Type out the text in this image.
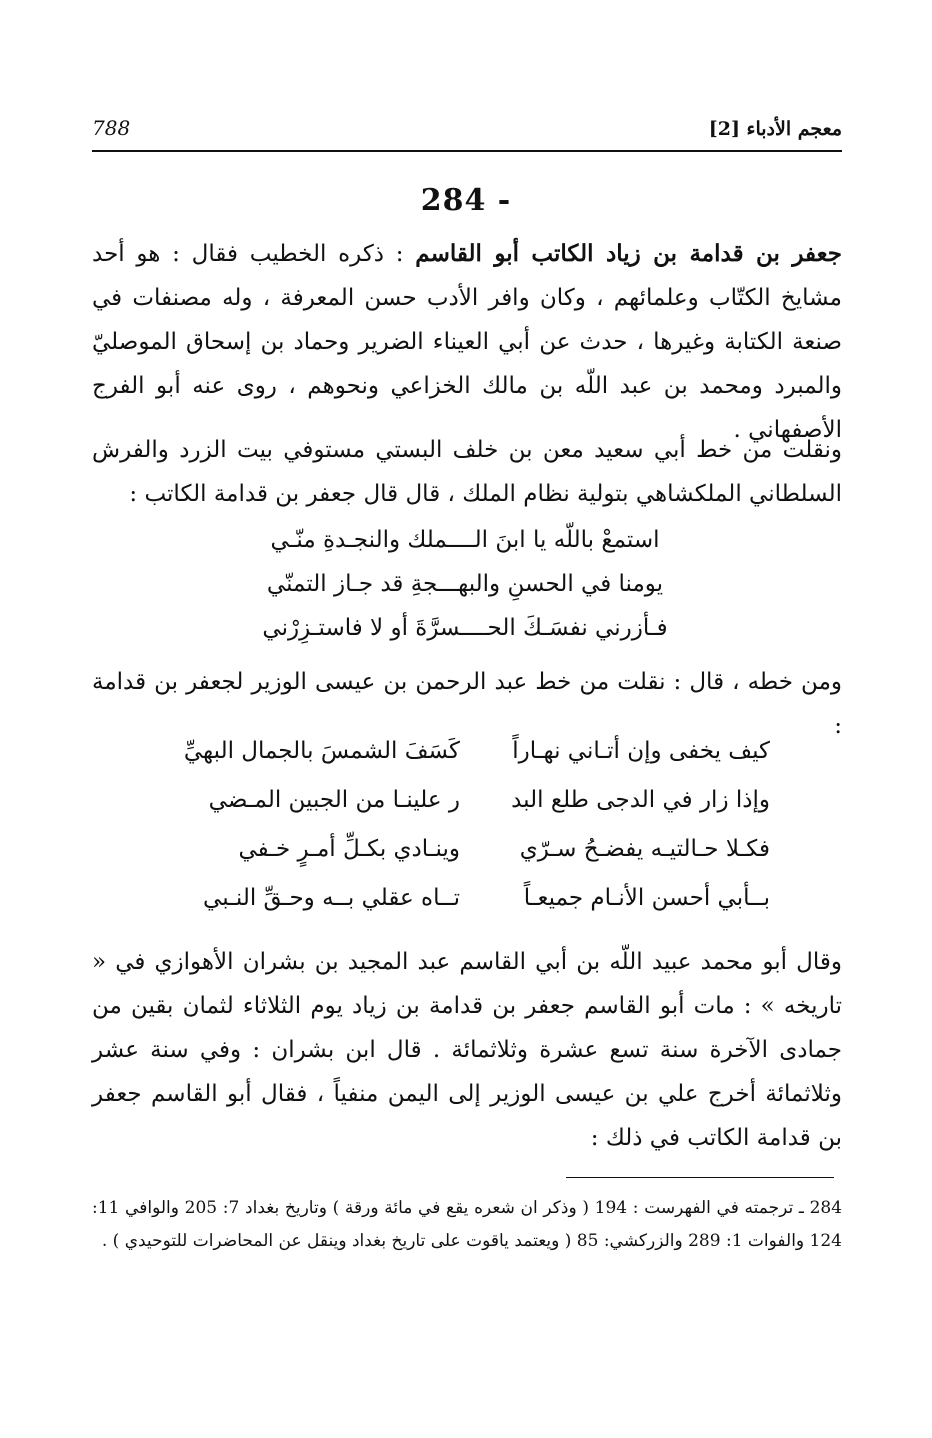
معجم الأدباء [2]
788
284 -
جعفر بن قدامة بن زياد الكاتب أبو القاسم : ذكره الخطيب فقال : هو أحد مشايخ الكتّاب وعلمائهم ، وكان وافر الأدب حسن المعرفة ، وله مصنفات في صنعة الكتابة وغيرها ، حدث عن أبي العيناء الضرير وحماد بن إسحاق الموصليّ والمبرد ومحمد بن عبد اللّه بن مالك الخزاعي ونحوهم ، روى عنه أبو الفرج الأصفهاني .
ونقلت من خط أبي سعيد معن بن خلف البستي مستوفي بيت الزرد والفرش السلطاني الملكشاهي بتولية نظام الملك ، قال قال جعفر بن قدامة الكاتب :
استمعْ باللّه يا ابنَ الــــملك والنجـدةِ منّـي
يومنا في الحسنِ والبهـــجةِ قد جـاز التمنّي
فـأزرني نفسَـكَ الحــــسرَّةَ أو لا فاستـزِرْني
ومن خطه ، قال : نقلت من خط عبد الرحمن بن عيسى الوزير لجعفر بن قدامة :
كيف يخفى وإن أتـاني نهـاراً
كَسَفَ الشمسَ بالجمال البهيِّ
وإذا زار في الدجى طلع البد
ر علينـا من الجبين المـضي
فكـلا حـالتيـه يفضـحُ سـرّي
وينـادي بكـلِّ أمـرٍ خـفي
بــأبي أحسن الأنـام جميعـاً
تــاه عقلي بــه وحـقِّ النـبي
وقال أبو محمد عبيد اللّه بن أبي القاسم عبد المجيد بن بشران الأهوازي في « تاريخه » : مات أبو القاسم جعفر بن قدامة بن زياد يوم الثلاثاء لثمان بقين من جمادى الآخرة سنة تسع عشرة وثلاثمائة . قال ابن بشران : وفي سنة عشر وثلاثمائة أخرج علي بن عيسى الوزير إلى اليمن منفياً ، فقال أبو القاسم جعفر بن قدامة الكاتب في ذلك :
284 ـ ترجمته في الفهرست : 194 ( وذكر ان شعره يقع في مائة ورقة ) وتاريخ بغداد 7: 205 والوافي 11: 124 والفوات 1: 289 والزركشي: 85 ( ويعتمد ياقوت على تاريخ بغداد وينقل عن المحاضرات للتوحيدي ) .
